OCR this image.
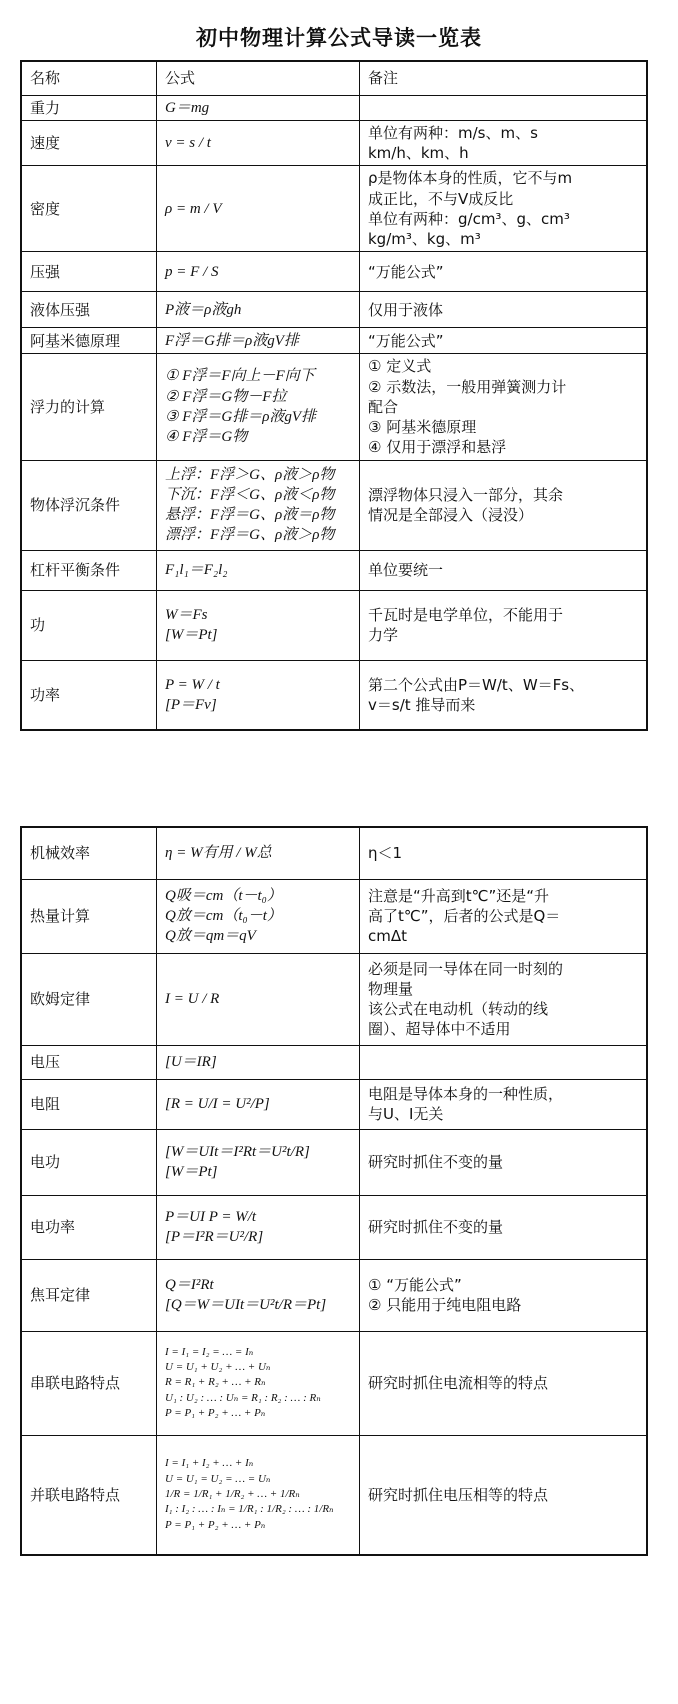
初中物理计算公式导读一览表
名称	公式	备注
重力	G＝mg	

速度	v = s / t	单位有两种：m/s、m、s
km/h、km、h

密度	ρ = m / V	ρ是物体本身的性质，它不与m
成正比，不与V成反比
单位有两种：g/cm³、g、cm³
kg/m³、kg、m³

压强	p = F / S	“万能公式”

液体压强	P液＝ρ液gh	仅用于液体

阿基米德原理	F浮＝G排＝ρ液gV排	“万能公式”

浮力的计算	① F浮＝F向上－F向下
② F浮＝G物－F拉
③ F浮＝G排＝ρ液gV排
④ F浮＝G物	① 定义式
② 示数法，一般用弹簧测力计
配合
③ 阿基米德原理
④ 仅用于漂浮和悬浮

物体浮沉条件	上浮：F浮＞G、ρ液＞ρ物
下沉：F浮＜G、ρ液＜ρ物
悬浮：F浮＝G、ρ液＝ρ物
漂浮：F浮＝G、ρ液＞ρ物	漂浮物体只浸入一部分，其余
情况是全部浸入（浸没）

杠杆平衡条件	F₁l₁＝F₂l₂	单位要统一

功	W＝Fs
[W＝Pt]	千瓦时是电学单位，不能用于
力学

功率	P = W / t
[P＝Fv]	第二个公式由P＝W/t、W＝Fs、
v＝s/t 推导而来
机械效率	η = W有用 / W总	η＜1

热量计算	Q吸＝cm（t－t₀）
Q放＝cm（t₀－t）
Q放＝qm＝qV	注意是“升高到t℃”还是“升
高了t℃”，后者的公式是Q＝
cmΔt

欧姆定律	I = U / R	必须是同一导体在同一时刻的
物理量
该公式在电动机（转动的线
圈）、超导体中不适用

电压	[U＝IR]	

电阻	[R = U/I = U²/P]	电阻是导体本身的一种性质，
与U、I无关

电功	[W＝UIt＝I²Rt＝U²t/R]
[W＝Pt]	研究时抓住不变的量

电功率	P＝UI P = W/t
[P＝I²R＝U²/R]	研究时抓住不变的量

焦耳定律	Q＝I²Rt
[Q＝W＝UIt＝U²t/R＝Pt]	① “万能公式”
② 只能用于纯电阻电路

串联电路特点	I = I₁ = I₂ = … = Iₙ
U = U₁ + U₂ + … + Uₙ
R = R₁ + R₂ + … + Rₙ
U₁ : U₂ : … : Uₙ = R₁ : R₂ : … : Rₙ
P = P₁ + P₂ + … + Pₙ	研究时抓住电流相等的特点

并联电路特点	I = I₁ + I₂ + … + Iₙ
U = U₁ = U₂ = … = Uₙ
1/R = 1/R₁ + 1/R₂ + … + 1/Rₙ
I₁ : I₂ : … : Iₙ = 1/R₁ : 1/R₂ : … : 1/Rₙ
P = P₁ + P₂ + … + Pₙ	研究时抓住电压相等的特点
